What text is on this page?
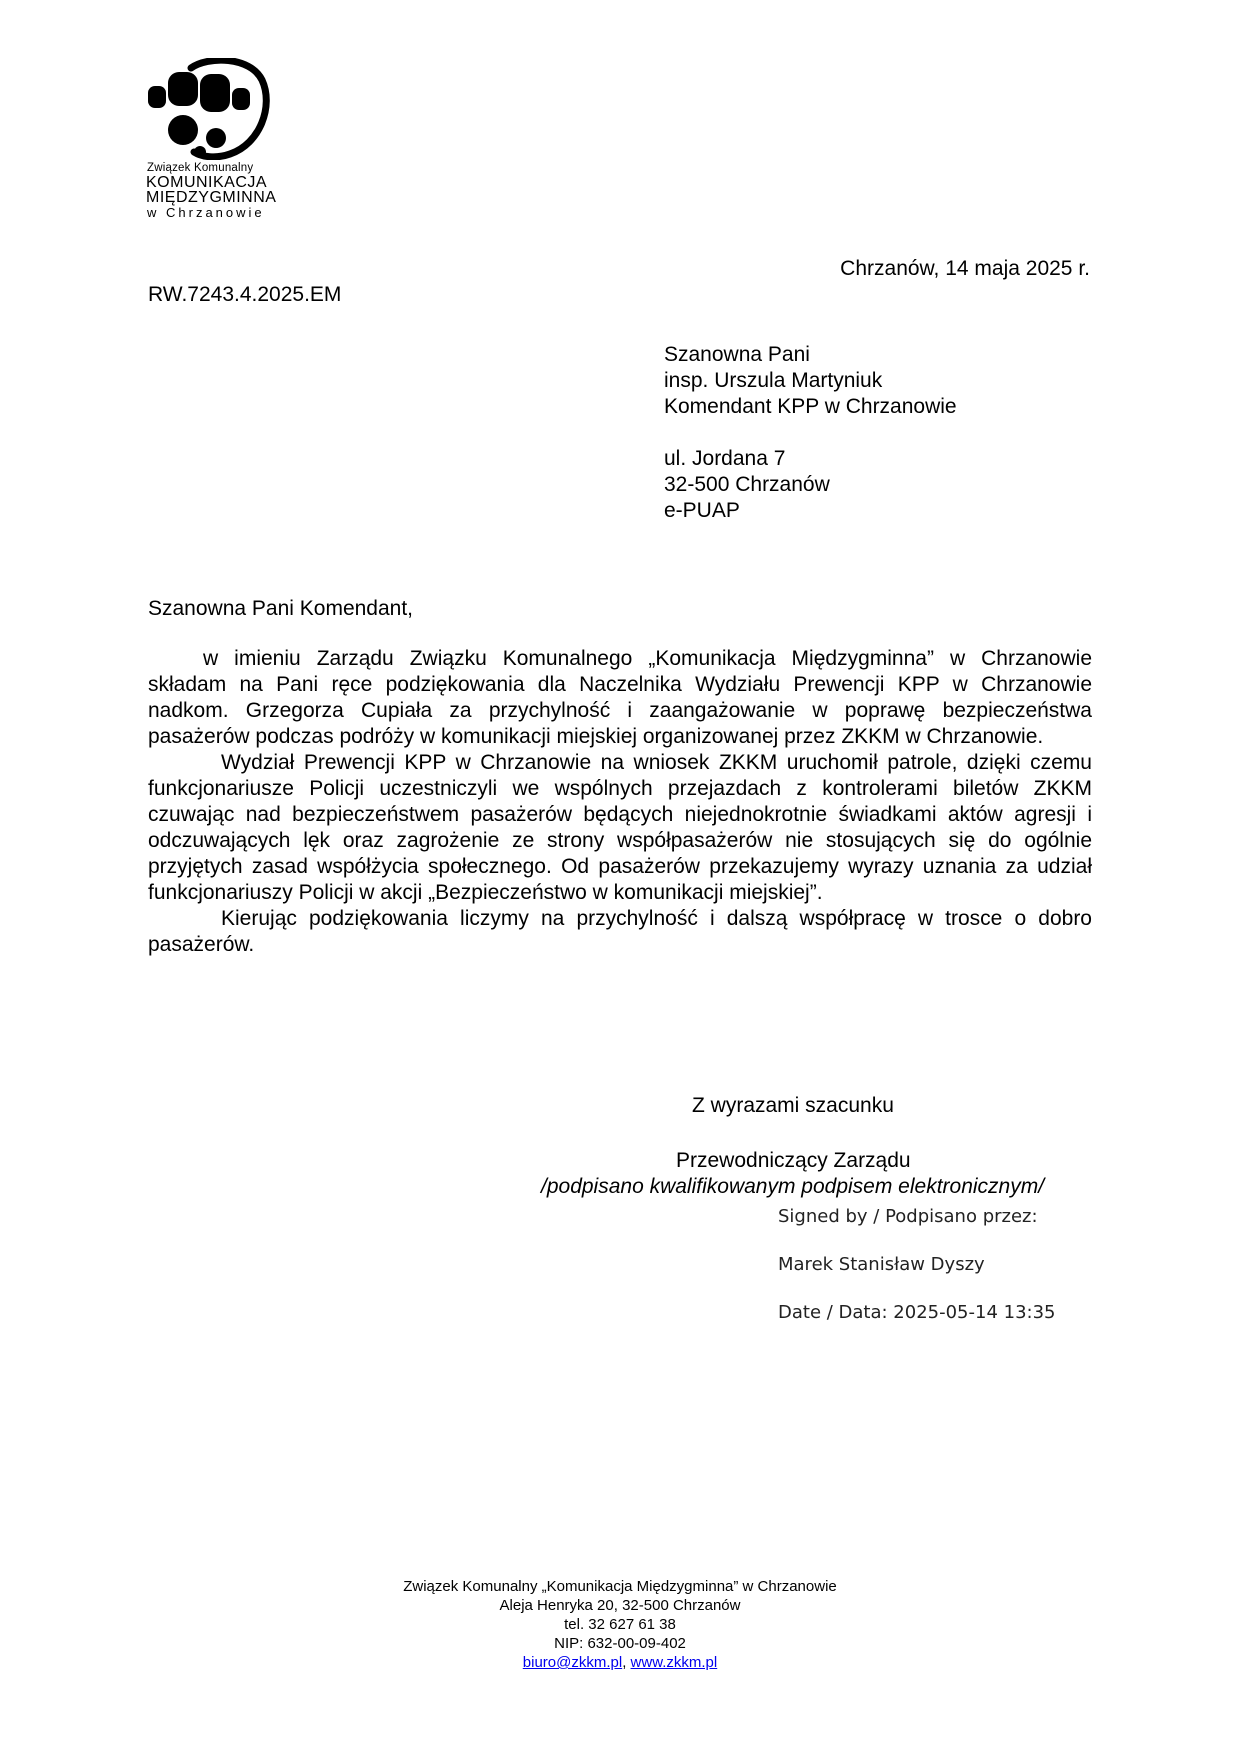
Związek Komunalny
KOMUNIKACJA
MIĘDZYGMINNA
w Chrzanowie
Chrzanów, 14 maja 2025 r.
RW.7243.4.2025.EM
Szanowna Pani
insp. Urszula Martyniuk
Komendant KPP w Chrzanowie
ul. Jordana 7
32-500 Chrzanów
e-PUAP
Szanowna Pani Komendant,

w imieniu Zarządu Związku Komunalnego „Komunikacja Międzygminna” w Chrzanowie składam na Pani ręce podziękowania dla Naczelnika Wydziału Prewencji KPP w Chrzanowie nadkom. Grzegorza Cupiała za przychylność i zaangażowanie w poprawę bezpieczeństwa pasażerów podczas podróży w komunikacji miejskiej organizowanej przez ZKKM w Chrzanowie.

Wydział Prewencji KPP w Chrzanowie na wniosek ZKKM uruchomił patrole, dzięki czemu funkcjonariusze Policji uczestniczyli we wspólnych przejazdach z kontrolerami biletów ZKKM czuwając nad bezpieczeństwem pasażerów będących niejednokrotnie świadkami aktów agresji i odczuwających lęk oraz zagrożenie ze strony współpasażerów nie stosujących się do ogólnie przyjętych zasad współżycia społecznego. Od pasażerów przekazujemy wyrazy uznania za udział funkcjonariuszy Policji w akcji „Bezpieczeństwo w komunikacji miejskiej”.

Kierując podziękowania liczymy na przychylność i dalszą współpracę w trosce o dobro pasażerów.

Z wyrazami szacunku
Przewodniczący Zarządu
/podpisano kwalifikowanym podpisem elektronicznym/
Signed by / Podpisano przez:
Marek Stanisław Dyszy
Date / Data: 2025-05-14 13:35
Związek Komunalny „Komunikacja Międzygminna” w Chrzanowie
Aleja Henryka 20, 32-500 Chrzanów
tel. 32 627 61 38
NIP: 632-00-09-402
biuro@zkkm.pl, www.zkkm.pl
